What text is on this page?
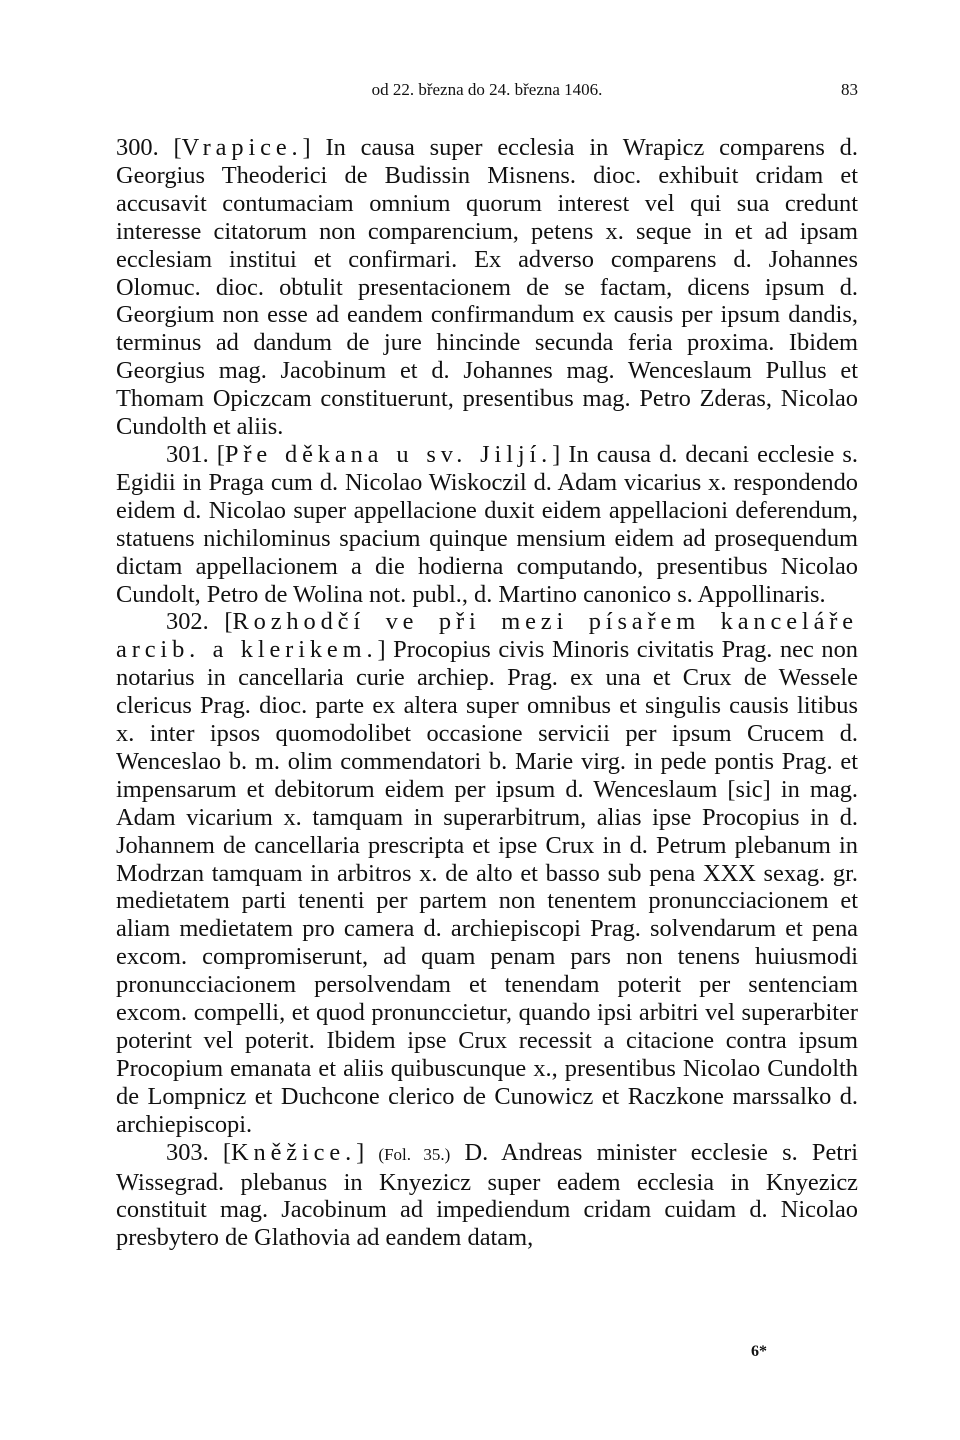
od 22. března do 24. března 1406.	83

300. [Vrapice.] In causa super ecclesia in Wrapicz comparens d. Georgius Theoderici de Budissin Misnens. dioc. exhibuit cridam et accusavit contumaciam omnium quorum interest vel qui sua credunt interesse citatorum non comparencium, petens x. seque in et ad ipsam ecclesiam institui et confirmari. Ex adverso comparens d. Johannes Olomuc. dioc. obtulit presentacionem de se factam, dicens ipsum d. Georgium non esse ad eandem confirmandum ex causis per ipsum dandis, terminus ad dandum de jure hincinde secunda feria proxima. Ibidem Georgius mag. Jacobinum et d. Johannes mag. Wenceslaum Pullus et Thomam Opiczcam constituerunt, presentibus mag. Petro Zderas, Nicolao Cundolth et aliis.

301. [Pře děkana u sv. Jiljí.] In causa d. decani ecclesie s. Egidii in Praga cum d. Nicolao Wiskoczil d. Adam vicarius x. respondendo eidem d. Nicolao super appellacione duxit eidem appellacioni deferendum, statuens nichilominus spacium quinque mensium eidem ad prosequendum dictam appellacionem a die hodierna computando, presentibus Nicolao Cundolt, Petro de Wolina not. publ., d. Martino canonico s. Appollinaris.

302. [Rozhodčí ve při mezi písařem kanceláře arcib. a klerikem.] Procopius civis Minoris civitatis Prag. nec non notarius in cancellaria curie archiep. Prag. ex una et Crux de Wessele clericus Prag. dioc. parte ex altera super omnibus et singulis causis litibus x. inter ipsos quomodolibet occasione servicii per ipsum Crucem d. Wenceslao b. m. olim commendatori b. Marie virg. in pede pontis Prag. et impensarum et debitorum eidem per ipsum d. Wenceslaum [sic] in mag. Adam vicarium x. tamquam in superarbitrum, alias ipse Procopius in d. Johannem de cancellaria prescripta et ipse Crux in d. Petrum plebanum in Modrzan tamquam in arbitros x. de alto et basso sub pena XXX sexag. gr. medietatem parti tenenti per partem non tenentem pronuncciacionem et aliam medietatem pro camera d. archiepiscopi Prag. solvendarum et pena excom. compromiserunt, ad quam penam pars non tenens huiusmodi pronuncciacionem persolvendam et tenendam poterit per sentenciam excom. compelli, et quod pronunccietur, quando ipsi arbitri vel superarbiter poterint vel poterit. Ibidem ipse Crux recessit a citacione contra ipsum Procopium emanata et aliis quibuscunque x., presentibus Nicolao Cundolth de Lompnicz et Duchcone clerico de Cunowicz et Raczkone marssalko d. archiepiscopi.

303. [Kněžice.] (Fol. 35.) D. Andreas minister ecclesie s. Petri Wissegrad. plebanus in Knyezicz super eadem ecclesia in Knyezicz constituit mag. Jacobinum ad impediendum cridam cuidam d. Nicolao presbytero de Glathovia ad eandem datam,

6*
